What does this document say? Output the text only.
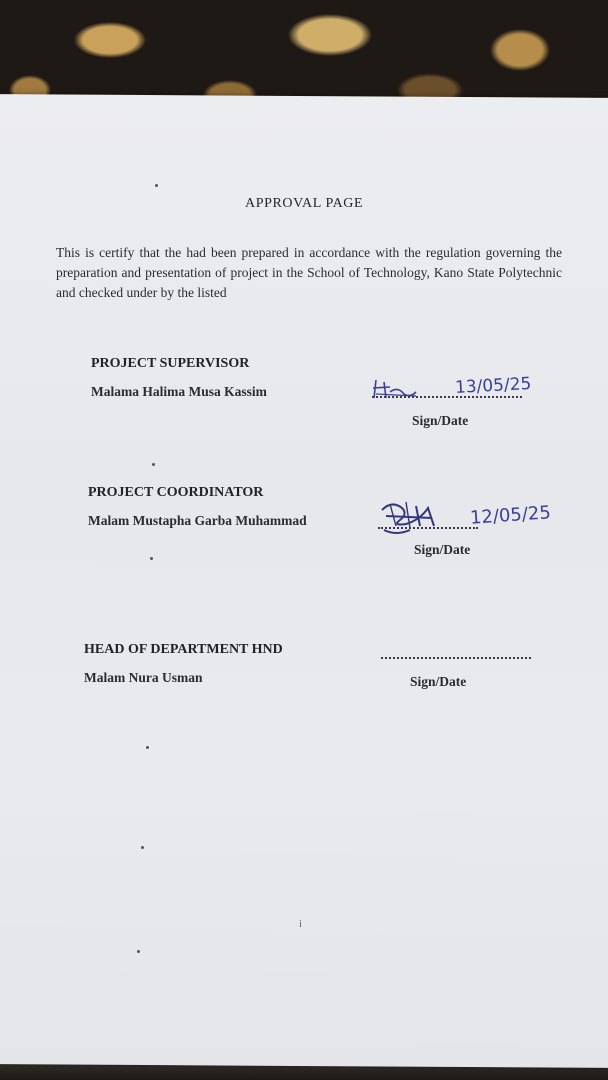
APPROVAL PAGE
This is certify that the had been prepared in accordance with the regulation governing the preparation and presentation of project in the School of Technology, Kano State Polytechnic and checked under by the listed
PROJECT SUPERVISOR
Malama Halima Musa Kassim	13/05/25
Sign/Date
PROJECT COORDINATOR
Malam Mustapha Garba Muhammad	12/05/25
Sign/Date
HEAD OF DEPARTMENT HND
Malam Nura Usman	Sign/Date
i
